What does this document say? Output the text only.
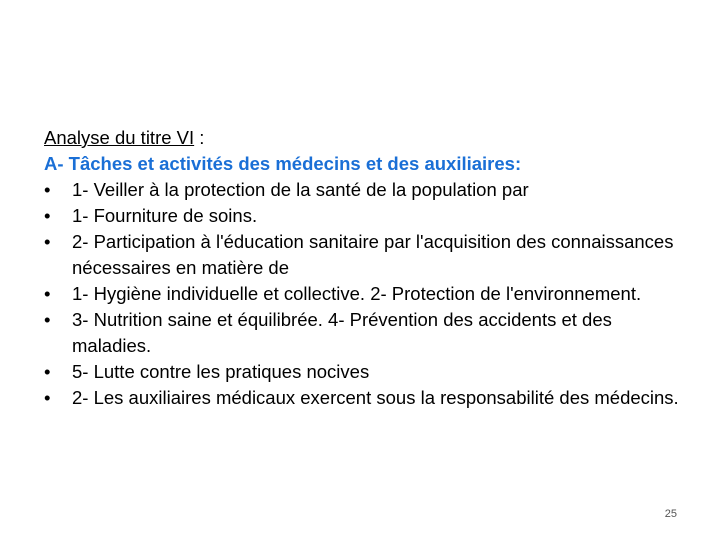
Analyse du titre VI :
A- Tâches et activités des médecins et des auxiliaires:
•	1- Veiller à la protection de la santé de la population par
•	1- Fourniture de soins.
•	2- Participation à l'éducation sanitaire par l'acquisition des connaissances nécessaires en matière de
•	1- Hygiène individuelle et collective. 2- Protection de l'environnement.
•	3- Nutrition saine et équilibrée. 4- Prévention des accidents et des maladies.
•	5- Lutte contre les pratiques nocives
•	2- Les auxiliaires médicaux exercent sous la responsabilité des médecins.
25
